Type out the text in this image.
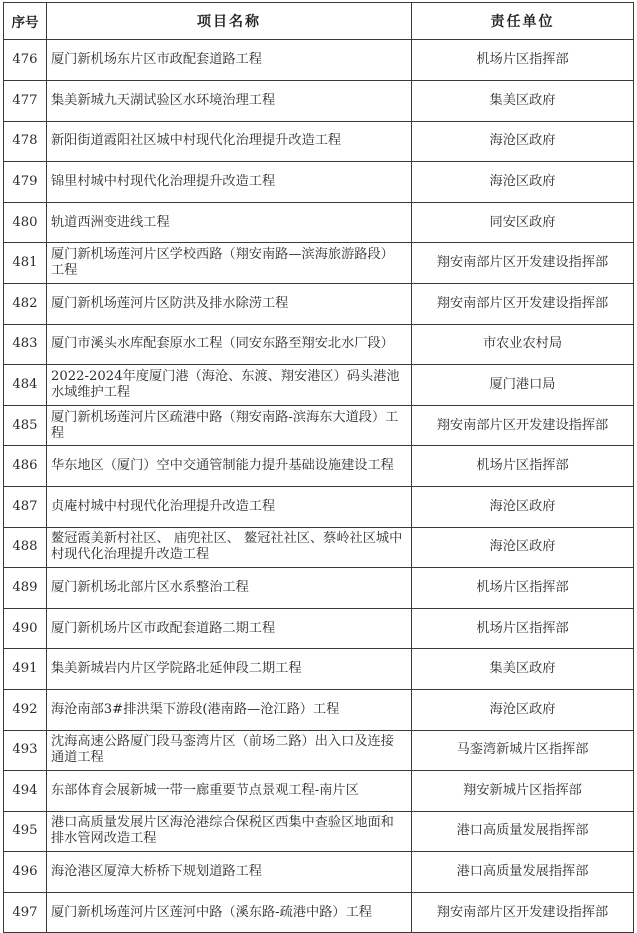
序号	项目名称	责任单位
476	厦门新机场东片区市政配套道路工程	机场片区指挥部
477	集美新城九天湖试验区水环境治理工程	集美区政府
478	新阳街道霞阳社区城中村现代化治理提升改造工程	海沧区政府
479	锦里村城中村现代化治理提升改造工程	海沧区政府
480	轨道西洲变进线工程	同安区政府
481	厦门新机场莲河片区学校西路（翔安南路—滨海旅游路段）工程	翔安南部片区开发建设指挥部
482	厦门新机场莲河片区防洪及排水除涝工程	翔安南部片区开发建设指挥部
483	厦门市溪头水库配套原水工程（同安东路至翔安北水厂段）	市农业农村局
484	2022-2024年度厦门港（海沧、东渡、翔安港区）码头港池水域维护工程	厦门港口局
485	厦门新机场莲河片区疏港中路（翔安南路-滨海东大道段）工程	翔安南部片区开发建设指挥部
486	华东地区（厦门）空中交通管制能力提升基础设施建设工程	机场片区指挥部
487	贞庵村城中村现代化治理提升改造工程	海沧区政府
488	鳌冠霞美新村社区、 庙兜社区、 鳌冠社社区、蔡岭社区城中村现代化治理提升改造工程	海沧区政府
489	厦门新机场北部片区水系整治工程	机场片区指挥部
490	厦门新机场片区市政配套道路二期工程	机场片区指挥部
491	集美新城岩内片区学院路北延伸段二期工程	集美区政府
492	海沧南部3#排洪渠下游段(港南路—沧江路）工程	海沧区政府
493	沈海高速公路厦门段马銮湾片区（前场二路）出入口及连接通道工程	马銮湾新城片区指挥部
494	东部体育会展新城一带一廊重要节点景观工程-南片区	翔安新城片区指挥部
495	港口高质量发展片区海沧港综合保税区西集中查验区地面和排水管网改造工程	港口高质量发展指挥部
496	海沧港区厦漳大桥桥下规划道路工程	港口高质量发展指挥部
497	厦门新机场莲河片区莲河中路（溪东路-疏港中路）工程	翔安南部片区开发建设指挥部
